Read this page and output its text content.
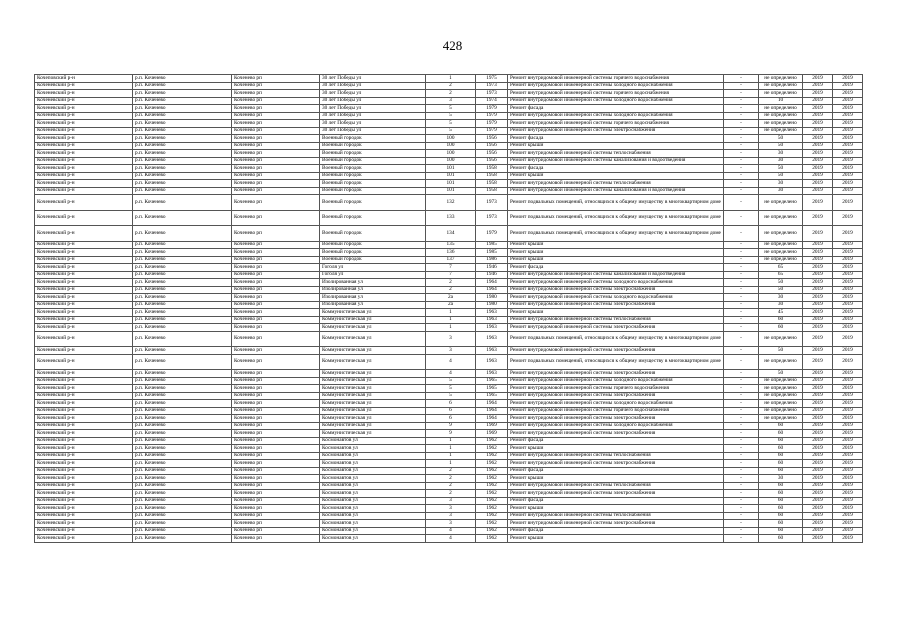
428
Кочеповский р-н	р.п. Коченево	Коченево рп	30 лет Победы ул	1	1975	Ремонт внутридомовой инженерной системы горячего водоснабжения	-	не определено	2019	2019
Коченевский р-н	р.п. Коченево	Коченево рп	30 лет Победы ул	2	1973	Ремонт внутридомовой инженерной системы холодного водоснабжения	-	не определено	2019	2019
Коченевский р-н	р.п. Коченево	Коченево рп	30 лет Победы ул	2	1973	Ремонт внутридомовой инженерной системы горячего водоснабжения	-	не определено	2019	2019
Коченевский р-н	р.п. Коченево	Коченево рп	30 лет Победы ул	3	1974	Ремонт внутридомовой инженерной системы холодного водоснабжения	-	10	2019	2019
Коченевский р-н	р.п. Коченево	Коченево рп	30 лет Победы ул	5	1979	Ремонт фасада	-	не определено	2019	2019
Коченевский р-н	р.п. Коченево	Коченево рп	30 лет Победы ул	5	1979	Ремонт внутридомовой инженерной системы холодного водоснабжения	-	не определено	2019	2019
Коченевский р-н	р.п. Коченево	Коченево рп	30 лет Победы ул	5	1979	Ремонт внутридомовой инженерной системы горячего водоснабжения	-	не определено	2019	2019
Коченевский р-н	р.п. Коченево	Коченево рп	30 лет Победы ул	5	1979	Ремонт внутридомовой инженерной системы электроснабжения	-	не определено	2019	2019
Коченевский р-н	р.п. Коченево	Коченево рп	Военный городок	100	1956	Ремонт фасада	-	50	2019	2019
Коченевский р-н	р.п. Коченево	Коченево рп	Военный городок	100	1956	Ремонт крыши	-	50	2019	2019
Коченевский р-н	р.п. Коченево	Коченево рп	Военный городок	100	1956	Ремонт внутридомовой инженерной системы теплоснабжения	-	30	2019	2019
Коченевский р-н	р.п. Коченево	Коченево рп	Военный городок	100	1956	Ремонт внутридомовой инженерной системы канализования и водоотведения	-	30	2019	2019
Коченевский р-н	р.п. Коченево	Коченево рп	Военный городок	101	1958	Ремонт фасада	-	50	2019	2019
Коченевский р-н	р.п. Коченево	Коченево рп	Военный городок	101	1958	Ремонт крыши	-	50	2019	2019
Коченевский р-н	р.п. Коченево	Коченево рп	Военный городок	101	1958	Ремонт внутридомовой инженерной системы теплоснабжения	-	30	2019	2019
Коченевский р-н	р.п. Коченево	Коченево рп	Военный городок	101	1958	Ремонт внутридомовой инженерной системы канализования и водоотведения	-	30	2019	2019
Коченевский р-н	р.п. Коченево	Коченево рп	Военный городок	132	1973	Ремонт подвальных помещений, относящихся к общему имуществу в многоквартирном доме	-	не определено	2019	2019
Коченевский р-н	р.п. Коченево	Коченево рп	Военный городок	133	1973	Ремонт подвальных помещений, относящихся к общему имуществу в многоквартирном доме	-	не определено	2019	2019
Коченевский р-н	р.п. Коченево	Коченево рп	Военный городок	134	1979	Ремонт подвальных помещений, относящихся к общему имуществу в многоквартирном доме	-	не определено	2019	2019
Коченевский р-н	р.п. Коченево	Коченево рп	Военный городок	135	1985	Ремонт крыши	-	не определено	2019	2019
Коченевский р-н	р.п. Коченево	Коченево рп	Военный городок	136	1985	Ремонт крыши	-	не определено	2019	2019
Коченевский р-н	р.п. Коченево	Коченево рп	Военный городок	137	1986	Ремонт крыши	-	не определено	2019	2019
Коченевский р-н	р.п. Коченево	Коченево рп	Гоголя ул	7	1946	Ремонт фасада	-	65	2019	2019
Коченевский р-н	р.п. Коченево	Коченево рп	Гоголя ул	7	1946	Ремонт внутридомовой инженерной системы канализования и водоотведения	-	65	2019	2019
Коченевский р-н	р.п. Коченево	Коченево рп	Изолированная ул	2	1964	Ремонт внутридомовой инженерной системы холодного водоснабжения	-	50	2019	2019
Коченевский р-н	р.п. Коченево	Коченево рп	Изолированная ул	2	1964	Ремонт внутридомовой инженерной системы электроснабжения	-	50	2019	2019
Коченевский р-н	р.п. Коченево	Коченево рп	Изолированная ул	2а	1980	Ремонт внутридомовой инженерной системы холодного водоснабжения	-	30	2019	2019
Коченевский р-н	р.п. Коченево	Коченево рп	Изолированная ул	2а	1980	Ремонт внутридомовой инженерной системы электроснабжения	-	30	2019	2019
Коченевский р-н	р.п. Коченево	Коченево рп	Коммунистическая ул	1	1963	Ремонт крыши	-	45	2019	2019
Коченевский р-н	р.п. Коченево	Коченево рп	Коммунистическая ул	1	1963	Ремонт внутридомовой инженерной системы теплоснабжения	-	60	2019	2019
Коченевский р-н	р.п. Коченево	Коченево рп	Коммунистическая ул	1	1963	Ремонт внутридомовой инженерной системы электроснабжения	-	60	2019	2019
Коченевский р-н	р.п. Коченево	Коченево рп	Коммунистическая ул	3	1963	Ремонт подвальных помещений, относящихся к общему имуществу в многоквартирном доме	-	не определено	2019	2019
Коченевский р-н	р.п. Коченево	Коченево рп	Коммунистическая ул	3	1963	Ремонт внутридомовой инженерной системы электроснабжения	-	50	2019	2019
Коченевский р-н	р.п. Коченево	Коченево рп	Коммунистическая ул	4	1963	Ремонт подвальных помещений, относящихся к общему имуществу в многоквартирном доме	-	не определено	2019	2019
Коченевский р-н	р.п. Коченево	Коченево рп	Коммунистическая ул	4	1963	Ремонт внутридомовой инженерной системы электроснабжения	-	50	2019	2019
Коченевский р-н	р.п. Коченево	Коченево рп	Коммунистическая ул	5	1965	Ремонт внутридомовой инженерной системы холодного водоснабжения	-	не определено	2019	2019
Коченевский р-н	р.п. Коченево	Коченево рп	Коммунистическая ул	5	1965	Ремонт внутридомовой инженерной системы горячего водоснабжения	-	не определено	2019	2019
Коченевский р-н	р.п. Коченево	Коченево рп	Коммунистическая ул	5	1965	Ремонт внутридомовой инженерной системы электроснабжения	-	не определено	2019	2019
Коченевский р-н	р.п. Коченево	Коченево рп	Коммунистическая ул	6	1964	Ремонт внутридомовой инженерной системы холодного водоснабжения	-	не определено	2019	2019
Коченевский р-н	р.п. Коченево	Коченево рп	Коммунистическая ул	6	1964	Ремонт внутридомовой инженерной системы горячего водоснабжения	-	не определено	2019	2019
Коченевский р-н	р.п. Коченево	Коченево рп	Коммунистическая ул	6	1964	Ремонт внутридомовой инженерной системы электроснабжения	-	не определено	2019	2019
Коченевский р-н	р.п. Коченево	Коченево рп	Коммунистическая ул	9	1969	Ремонт внутридомовой инженерной системы холодного водоснабжения	-	60	2019	2019
Коченевский р-н	р.п. Коченево	Коченево рп	Коммунистическая ул	9	1969	Ремонт внутридомовой инженерной системы электроснабжения	-	60	2019	2019
Коченевский р-н	р.п. Коченево	Коченево рп	Космонавтов ул	1	1962	Ремонт фасада	-	60	2019	2019
Коченевский р-н	р.п. Коченево	Коченево рп	Космонавтов ул	1	1962	Ремонт крыши	-	60	2019	2019
Коченевский р-н	р.п. Коченево	Коченево рп	Космонавтов ул	1	1962	Ремонт внутридомовой инженерной системы теплоснабжения	-	60	2019	2019
Коченевский р-н	р.п. Коченево	Коченево рп	Космонавтов ул	1	1962	Ремонт внутридомовой инженерной системы электроснабжения	-	60	2019	2019
Коченевский р-н	р.п. Коченево	Коченево рп	Космонавтов ул	2	1962	Ремонт фасада	-	60	2019	2019
Коченевский р-н	р.п. Коченево	Коченево рп	Космонавтов ул	2	1962	Ремонт крыши	-	30	2019	2019
Коченевский р-н	р.п. Коченево	Коченево рп	Космонавтов ул	2	1962	Ремонт внутридомовой инженерной системы теплоснабжения	-	60	2019	2019
Коченевский р-н	р.п. Коченево	Коченево рп	Космонавтов ул	2	1962	Ремонт внутридомовой инженерной системы электроснабжения	-	60	2019	2019
Коченевский р-н	р.п. Коченево	Коченево рп	Космонавтов ул	3	1962	Ремонт фасада	-	60	2019	2019
Коченевский р-н	р.п. Коченево	Коченево рп	Космонавтов ул	3	1962	Ремонт крыши	-	60	2019	2019
Коченевский р-н	р.п. Коченево	Коченево рп	Космонавтов ул	3	1962	Ремонт внутридомовой инженерной системы теплоснабжения	-	60	2019	2019
Коченевский р-н	р.п. Коченево	Коченево рп	Космонавтов ул	3	1962	Ремонт внутридомовой инженерной системы электроснабжения	-	60	2019	2019
Коченевский р-н	р.п. Коченево	Коченево рп	Космонавтов ул	4	1962	Ремонт фасада	-	60	2019	2019
Коченевский р-н	р.п. Коченево	Коченево рп	Космонавтов ул	4	1962	Ремонт крыши	-	60	2019	2019
